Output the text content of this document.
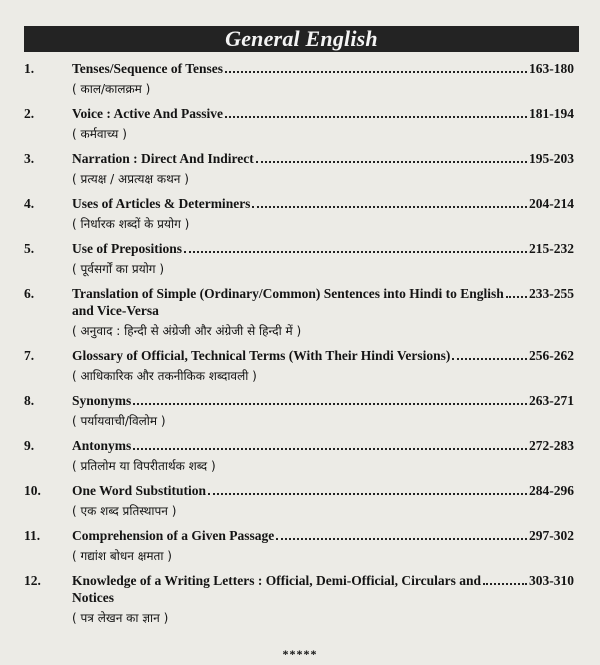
General English
1.	Tenses/Sequence of Tenses	163-180
( काल/कालक्रम )
2.	Voice : Active And Passive	181-194
( कर्मवाच्य )
3.	Narration : Direct And Indirect	195-203
( प्रत्यक्ष / अप्रत्यक्ष कथन )
4.	Uses of Articles & Determiners	204-214
( निर्धारक शब्दों के प्रयोग )
5.	Use of Prepositions	215-232
( पूर्वसर्गों का प्रयोग )
6.	Translation of Simple (Ordinary/Common) Sentences into Hindi to English 233-255
and Vice-Versa
( अनुवाद : हिन्दी से अंग्रेजी और अंग्रेजी से हिन्दी में )
7.	Glossary of Official, Technical Terms (With Their Hindi Versions)	256-262
( आधिकारिक और तकनीकिक शब्दावली )
8.	Synonyms	263-271
( पर्यायवाची/विलोम )
9.	Antonyms	272-283
( प्रतिलोम या विपरीतार्थक शब्द )
10.	One Word Substitution	284-296
( एक शब्द प्रतिस्थापन )
11.	Comprehension of a Given Passage	297-302
( गद्यांश बोधन क्षमता )
12.	Knowledge of a Writing Letters : Official, Demi-Official, Circulars and	303-310
Notices
( पत्र लेखन का ज्ञान )
*****
